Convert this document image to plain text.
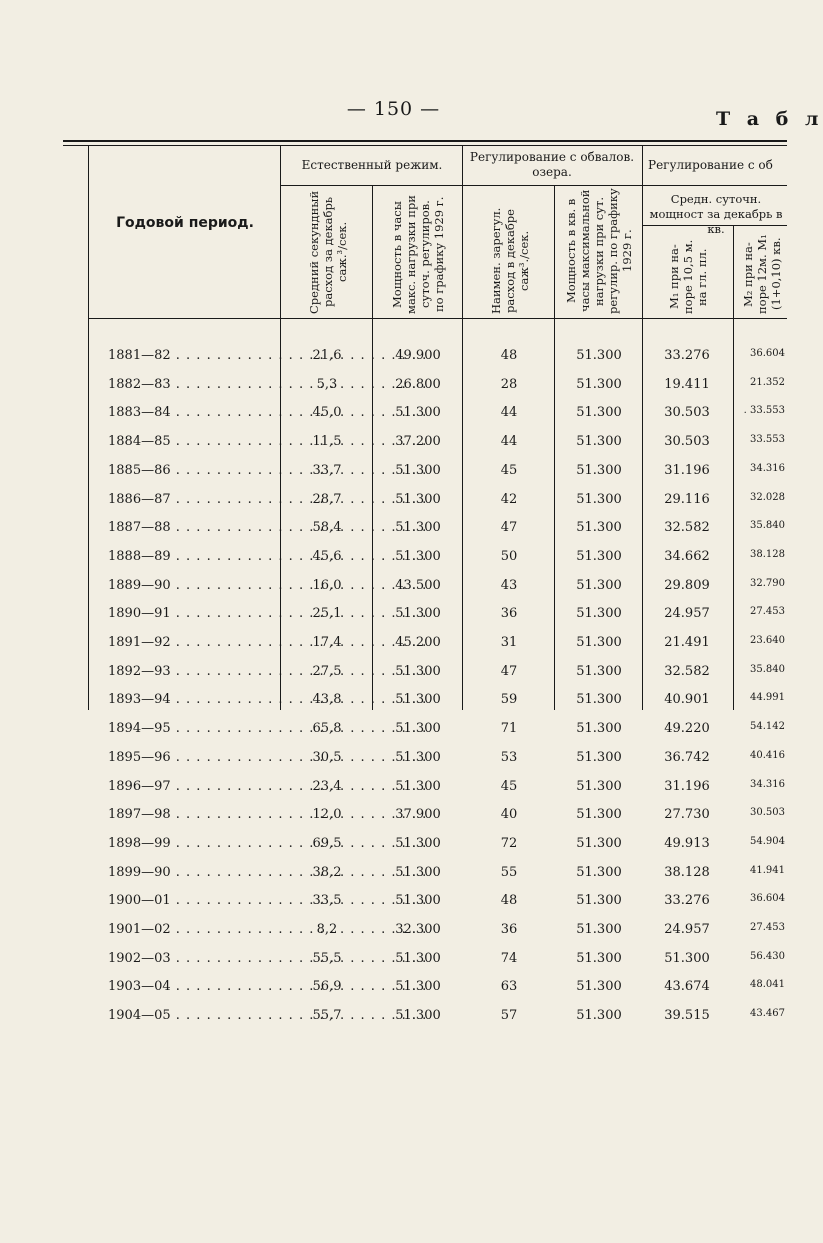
— 150 —	Т а б л
Годовой период.
Естественный режим.
Регулирование с обвалов. озера.	Регулирование с об
Средн. суточн. мощност за декабрь в кв.
Средний секундный
расход за декабрь
саж.³/сек.	Мощность в часы
макс. нагрузки при
суточ. регулиров.
по графику 1929 г.
Наимен. зарегул.
расход в декабре
саж³./сек.	Мощность в кв. в
часы максимальной
нагрузки при сут.
регулир. по графику
1929 г.
M₁ при на-
поре 10,5 м.
на гл. пл.
M₂ при на-
поре 12м. M₁
(1+0,10) кв.
1881—82 . . .	21,6	49.900	48	51.300	33.276	36.604
1882—83 . . .	5,3	26.800	28	51.300	19.411	21.352
1883—84 . . .	45,0	51.300	44	51.300	30.503	. 33.553
1884—85 . . .	11,5	37.200	44	51.300	30.503	33.553
1885—86 . . .	33,7	51.300	45	51.300	31.196	34.316
1886—87 . . .	28,7	51.300	42	51.300	29.116	32.028
1887—88 . . .	58,4	51.300	47	51.300	32.582	35.840
1888—89 . . .	45,6	51.300	50	51.300	34.662	38.128
1889—90 . . .	16,0	43.500	43	51.300	29.809	32.790
1890—91 . . .	25,1	51.300	36	51.300	24.957	27.453
1891—92 . . .	17,4	45.200	31	51.300	21.491	23.640
1892—93 . . .	27,5	51.300	47	51.300	32.582	35.840
1893—94 . . .	43,8	51.300	59	51.300	40.901	44.991
1894—95 . . .	65,8	51.300	71	51.300	49.220	54.142
1895—96 . . .	30,5	51.300	53	51.300	36.742	40.416
1896—97 . . .	23,4	51.300	45	51.300	31.196	34.316
1897—98 . . .	12,0	37.900	40	51.300	27.730	30.503
1898—99 . . .	69,5	51.300	72	51.300	49.913	54.904
1899—90 . . .	38,2	51.300	55	51.300	38.128	41.941
1900—01 . . .	33,5	51.300	48	51.300	33.276	36.604
1901—02 . . .	8,2	32.300	36	51.300	24.957	27.453
1902—03 . . .	55,5	51.300	74	51.300	51.300	56.430
1903—04 . . .	56,9	51.300	63	51.300	43.674	48.041
1904—05 . . .	55,7	51.300	57	51.300	39.515	43.467
